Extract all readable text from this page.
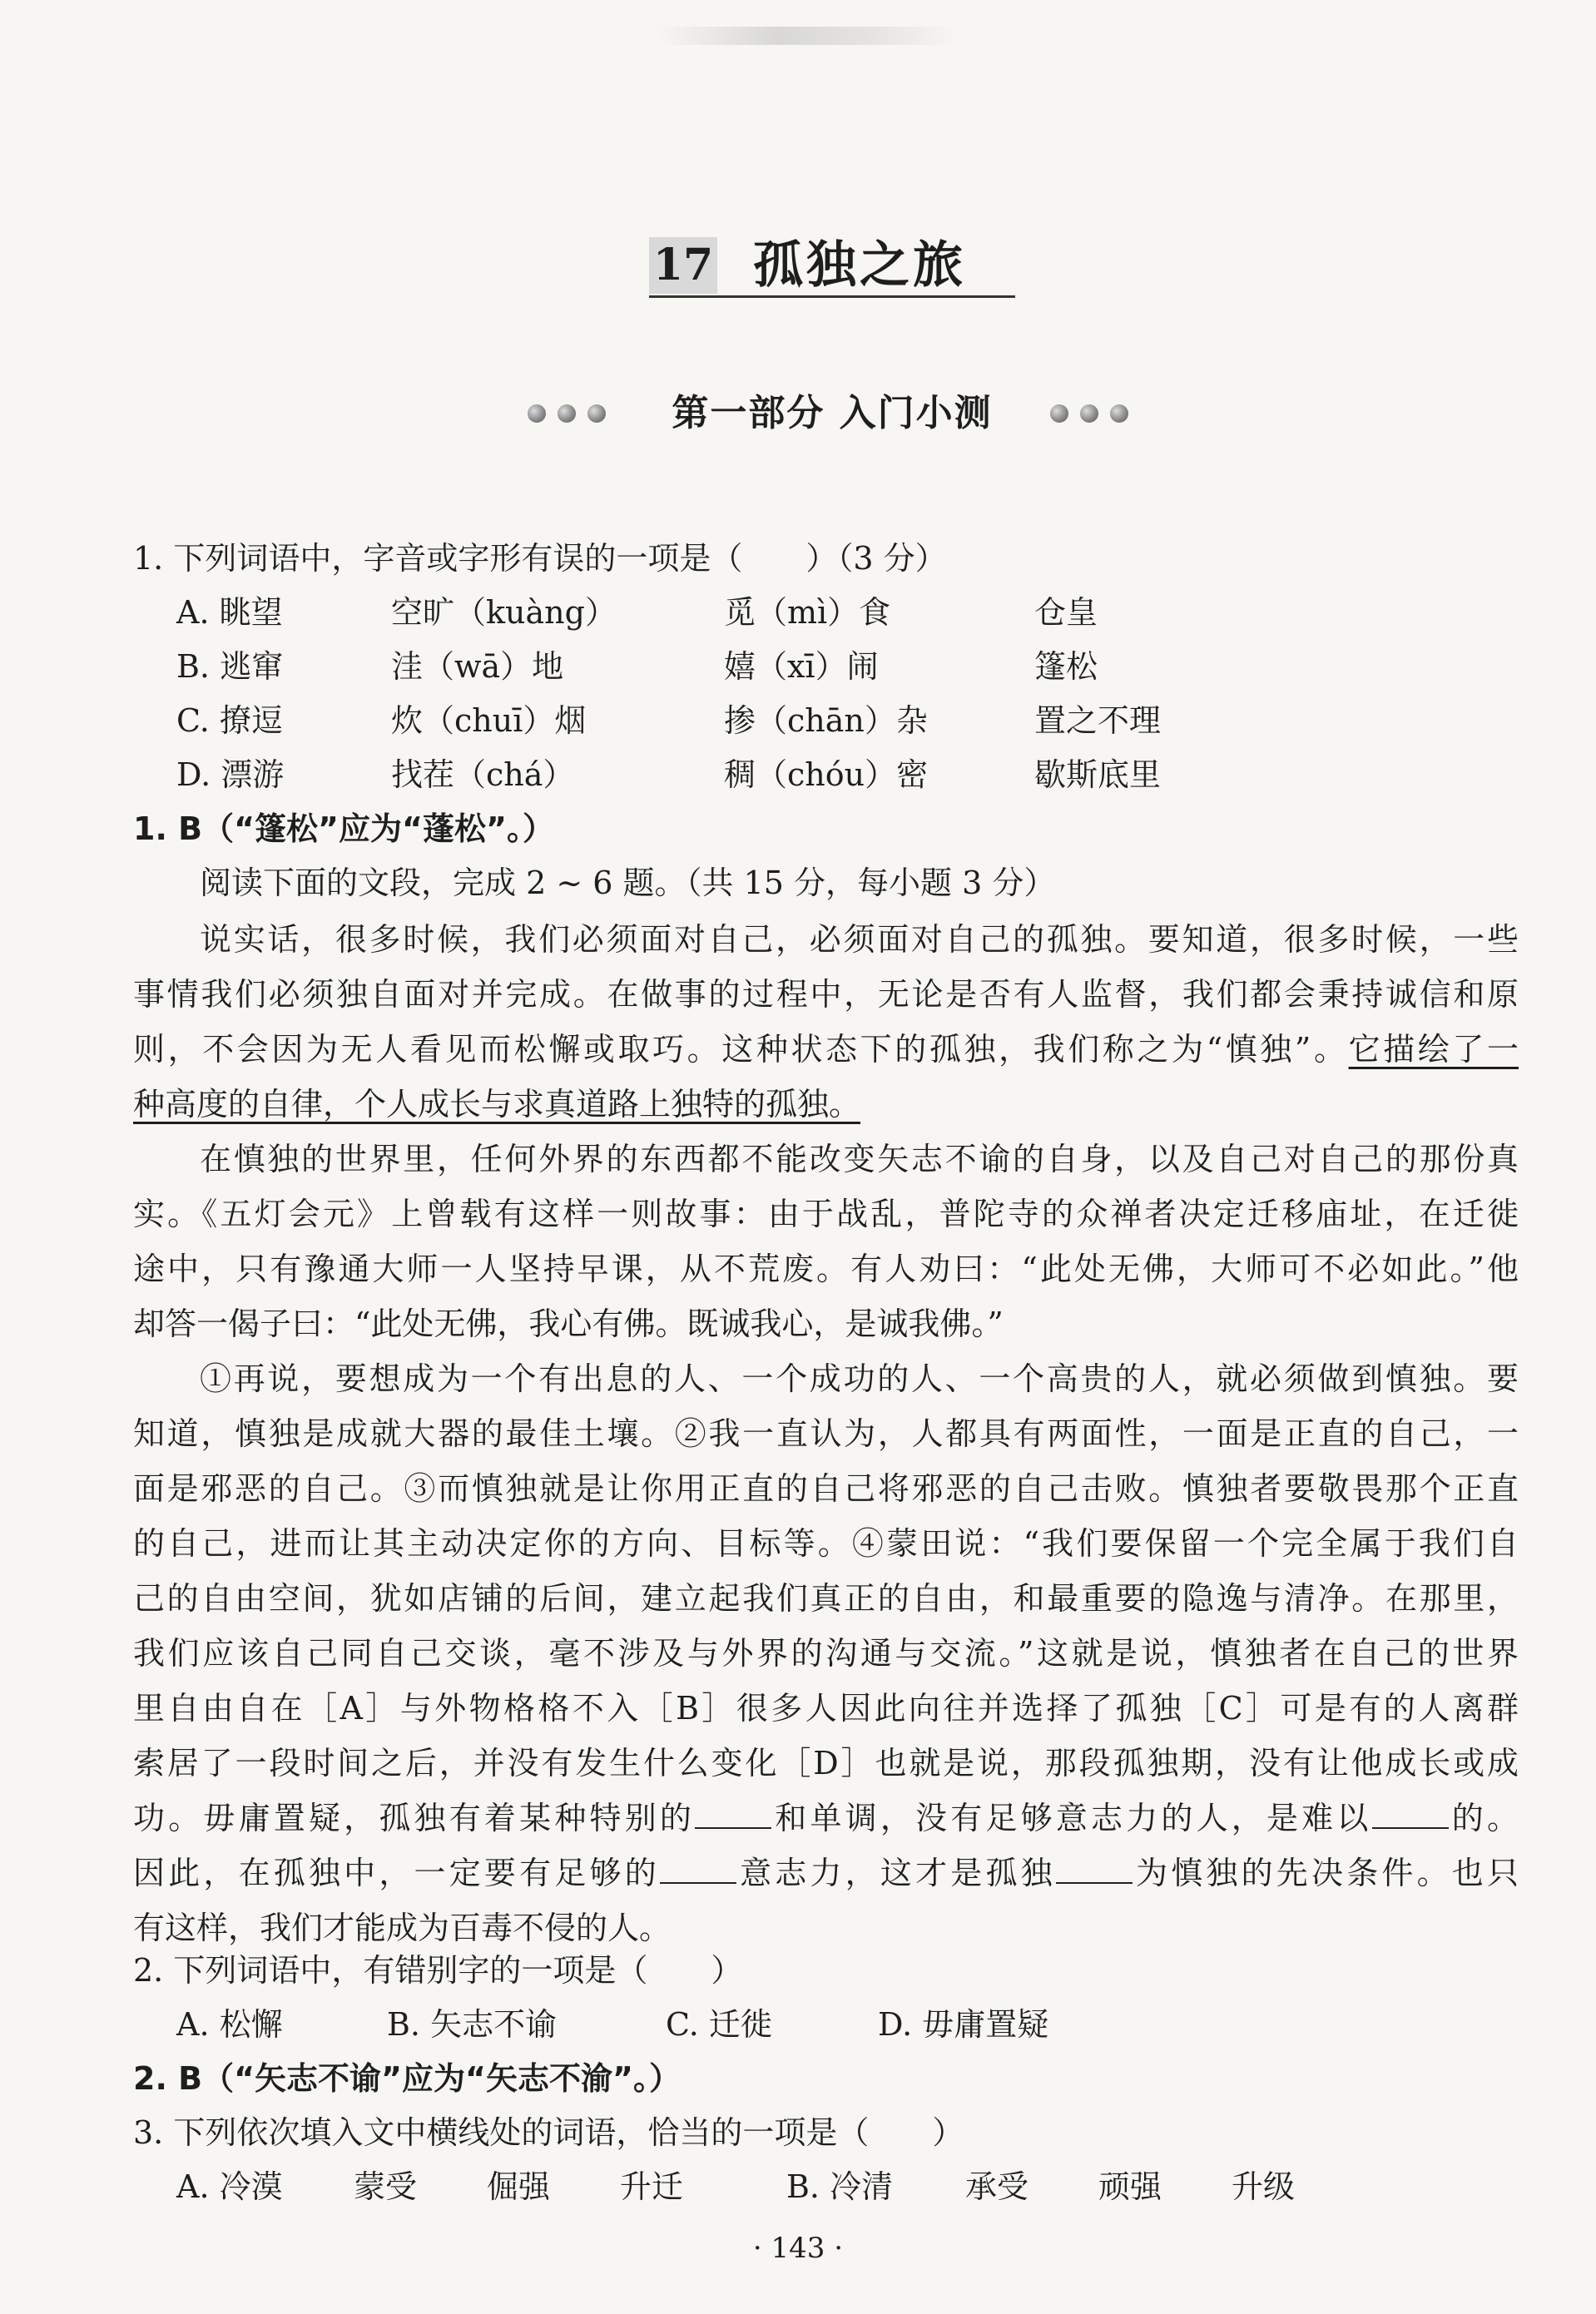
17 孤独之旅
第一部分 入门小测
1. 下列词语中，字音或字形有误的一项是（　　）（3 分）
A. 眺望	空旷（kuàng）	觅（mì）食	仓皇
B. 逃窜	洼（wā）地	嬉（xī）闹	篷松
C. 撩逗	炊（chuī）烟	掺（chān）杂	置之不理
D. 漂游	找茬（chá）	稠（chóu）密	歇斯底里
1. B（“篷松”应为“蓬松”。）
阅读下面的文段，完成 2 ~ 6 题。（共 15 分，每小题 3 分）
说实话，很多时候，我们必须面对自己，必须面对自己的孤独。要知道，很多时候，一些
事情我们必须独自面对并完成。在做事的过程中，无论是否有人监督，我们都会秉持诚信和原
则，不会因为无人看见而松懈或取巧。这种状态下的孤独，我们称之为“慎独”。它描绘了一
种高度的自律，个人成长与求真道路上独特的孤独。
在慎独的世界里，任何外界的东西都不能改变矢志不谕的自身，以及自己对自己的那份真
实。《五灯会元》上曾载有这样一则故事：由于战乱，普陀寺的众禅者决定迁移庙址，在迁徙
途中，只有豫通大师一人坚持早课，从不荒废。有人劝曰：“此处无佛，大师可不必如此。”他
却答一偈子曰：“此处无佛，我心有佛。既诚我心，是诚我佛。”
①再说，要想成为一个有出息的人、一个成功的人、一个高贵的人，就必须做到慎独。要
知道，慎独是成就大器的最佳土壤。②我一直认为，人都具有两面性，一面是正直的自己，一
面是邪恶的自己。③而慎独就是让你用正直的自己将邪恶的自己击败。慎独者要敬畏那个正直
的自己，进而让其主动决定你的方向、目标等。④蒙田说：“我们要保留一个完全属于我们自
己的自由空间，犹如店铺的后间，建立起我们真正的自由，和最重要的隐逸与清净。在那里，
我们应该自己同自己交谈，毫不涉及与外界的沟通与交流。”这就是说，慎独者在自己的世界
里自由自在［A］与外物格格不入［B］很多人因此向往并选择了孤独［C］可是有的人离群
索居了一段时间之后，并没有发生什么变化［D］也就是说，那段孤独期，没有让他成长或成
功。毋庸置疑，孤独有着某种特别的 和单调，没有足够意志力的人，是难以 的。
因此，在孤独中，一定要有足够的 意志力，这才是孤独 为慎独的先决条件。也只
有这样，我们才能成为百毒不侵的人。
2. 下列词语中，有错别字的一项是（　　）
A. 松懈	B. 矢志不谕	C. 迁徙	D. 毋庸置疑
2. B（“矢志不谕”应为“矢志不渝”。）
3. 下列依次填入文中横线处的词语，恰当的一项是（　　）
A. 冷漠 蒙受 倔强 升迁	B. 冷清 承受 顽强 升级
· 143 ·
